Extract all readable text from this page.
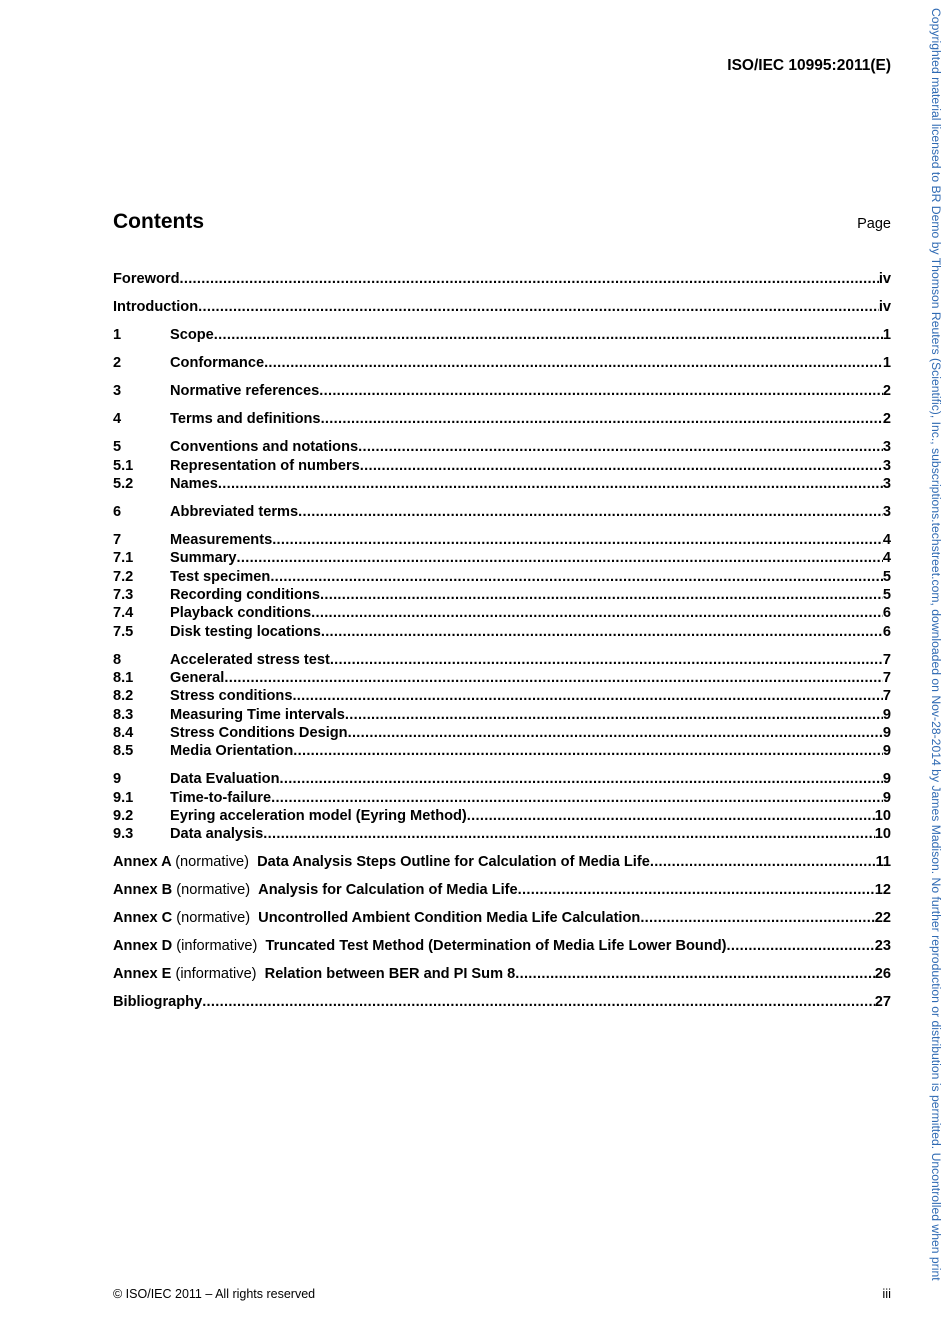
ISO/IEC 10995:2011(E)
Contents	Page
Foreword .....	iv
Introduction .....	iv
1	Scope .....	1
2	Conformance .....	1
3	Normative references .....	2
4	Terms and definitions .....	2
5	Conventions and notations .....	3
5.1	Representation of numbers .....	3
5.2	Names .....	3
6	Abbreviated terms .....	3
7	Measurements .....	4
7.1	Summary .....	4
7.2	Test specimen .....	5
7.3	Recording conditions .....	5
7.4	Playback conditions .....	6
7.5	Disk testing locations .....	6
8	Accelerated stress test .....	7
8.1	General .....	7
8.2	Stress conditions .....	7
8.3	Measuring Time intervals .....	9
8.4	Stress Conditions Design .....	9
8.5	Media Orientation .....	9
9	Data Evaluation .....	9
9.1	Time-to-failure .....	9
9.2	Eyring acceleration model (Eyring Method) .....	10
9.3	Data analysis .....	10
Annex A (normative) Data Analysis Steps Outline for Calculation of Media Life .....	11
Annex B (normative) Analysis for Calculation of Media Life .....	12
Annex C (normative) Uncontrolled Ambient Condition Media Life Calculation .....	22
Annex D (informative) Truncated Test Method (Determination of Media Life Lower Bound) .....	23
Annex E (informative) Relation between BER and PI Sum 8 .....	26
Bibliography .....	27
© ISO/IEC 2011 – All rights reserved	iii
Copyrighted material licensed to BR Demo by Thomson Reuters (Scientific), Inc., subscriptions.techstreet.com, downloaded on Nov-28-2014 by James Madison. No further reproduction or distribution is permitted. Uncontrolled when print
